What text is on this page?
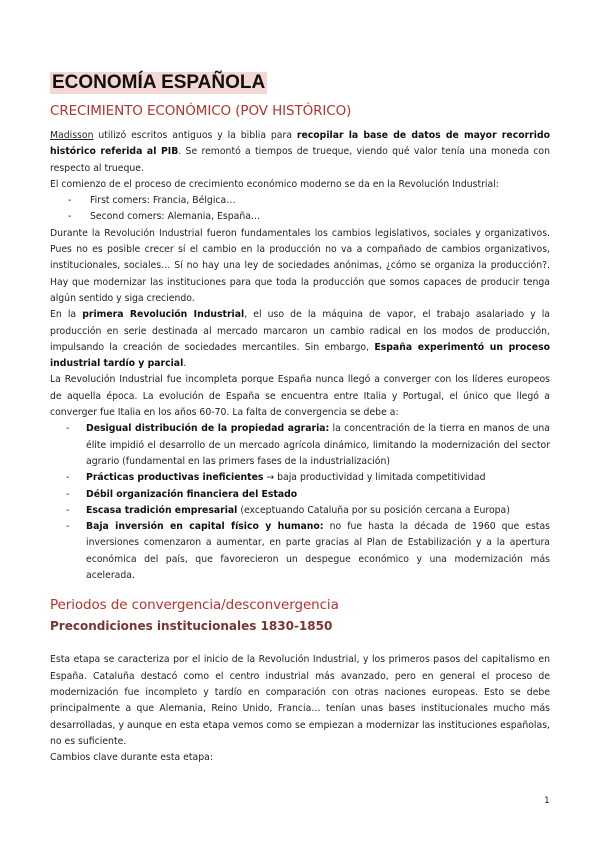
ECONOMÍA ESPAÑOLA
CRECIMIENTO ECONÓMICO (POV HISTÓRICO)

Madisson utilizó escritos antiguos y la biblia para recopilar la base de datos de mayor recorrido histórico referida al PIB. Se remontó a tiempos de trueque, viendo qué valor tenía una moneda con respecto al trueque.

El comienzo de el proceso de crecimiento económico moderno se da en la Revolución Industrial:

- First comers: Francia, Bélgica…
- Second comers: Alemania, España…

Durante la Revolución Industrial fueron fundamentales los cambios legislativos, sociales y organizativos. Pues no es posible crecer sí el cambio en la producción no va a compañado de cambios organizativos, institucionales, sociales… Sí no hay una ley de sociedades anónimas, ¿cómo se organiza la producción?. Hay que modernizar las instituciones para que toda la producción que somos capaces de producir tenga algún sentido y siga creciendo.

En la primera Revolución Industrial, el uso de la máquina de vapor, el trabajo asalariado y la producción en serie destinada al mercado marcaron un cambio radical en los modos de producción, impulsando la creación de sociedades mercantiles. Sin embargo, España experimentó un proceso industrial tardío y parcial.

La Revolución Industrial fue incompleta porque España nunca llegó a converger con los líderes europeos de aquella época. La evolución de España se encuentra entre Italia y Portugal, el único que llegó a converger fue Italia en los años 60-70. La falta de convergencia se debe a:

- Desigual distribución de la propiedad agraria: la concentración de la tierra en manos de una élite impidió el desarrollo de un mercado agrícola dinámico, limitando la modernización del sector agrario (fundamental en las primers fases de la industrialización)
- Prácticas productivas ineficientes → baja productividad y limitada competitividad
- Débil organización financiera del Estado
- Escasa tradición empresarial (exceptuando Cataluña por su posición cercana a Europa)
- Baja inversión en capital físico y humano: no fue hasta la década de 1960 que estas inversiones comenzaron a aumentar, en parte gracias al Plan de Estabilización y a la apertura económica del país, que favorecieron un despegue económico y una modernización más acelerada.
Periodos de convergencia/desconvergencia
Precondiciones institucionales 1830-1850

Esta etapa se caracteriza por el inicio de la Revolución Industrial, y los primeros pasos del capitalismo en España. Cataluña destacó como el centro industrial más avanzado, pero en general el proceso de modernización fue incompleto y tardío en comparación con otras naciones europeas. Esto se debe principalmente a que Alemania, Reino Unido, Francia… tenían unas bases institucionales mucho más desarrolladas, y aunque en esta etapa vemos como se empiezan a modernizar las instituciones españolas, no es suficiente.

Cambios clave durante esta etapa:

1
